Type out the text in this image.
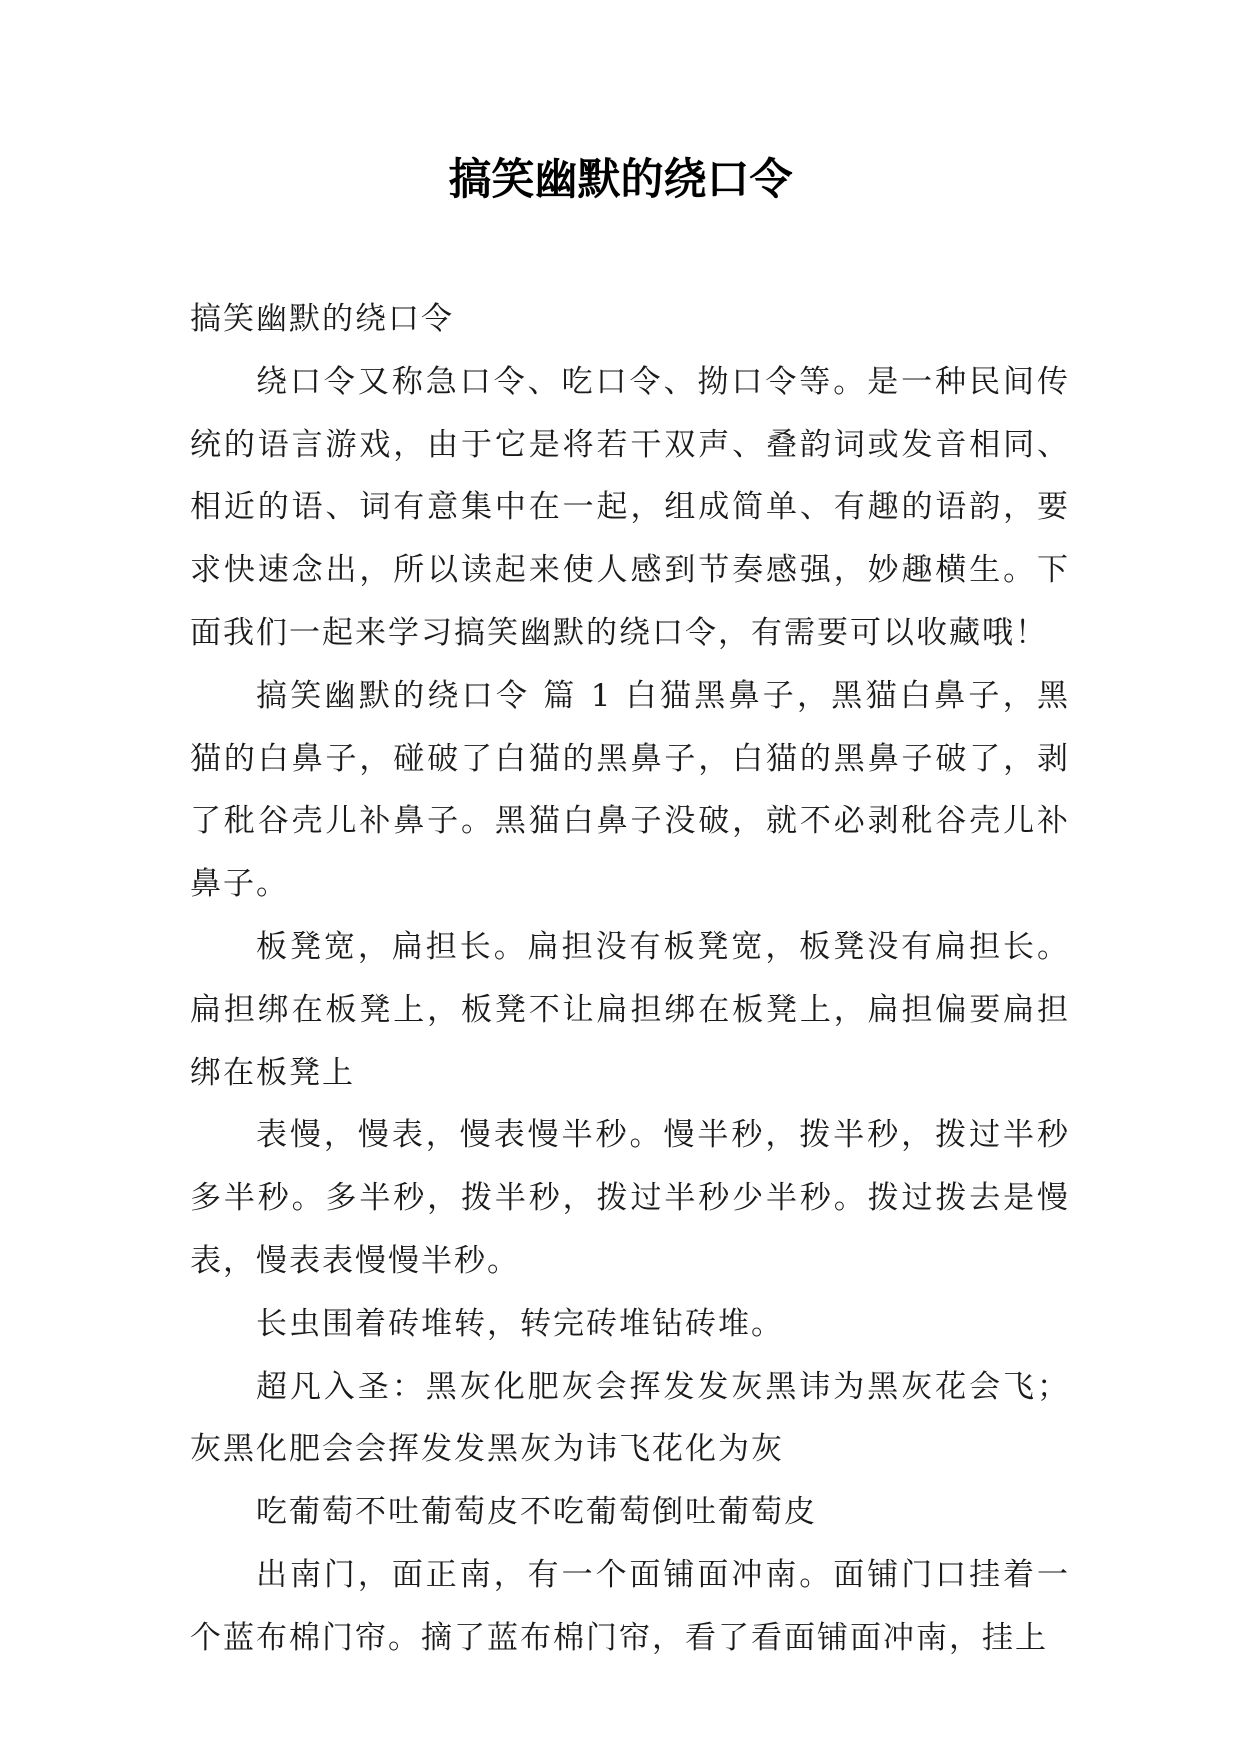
搞笑幽默的绕口令

搞笑幽默的绕口令

绕口令又称急口令、吃口令、拗口令等。是一种民间传统的语言游戏，由于它是将若干双声、叠韵词或发音相同、相近的语、词有意集中在一起，组成简单、有趣的语韵，要求快速念出，所以读起来使人感到节奏感强，妙趣横生。下面我们一起来学习搞笑幽默的绕口令，有需要可以收藏哦！

搞笑幽默的绕口令 篇 1 白猫黑鼻子，黑猫白鼻子，黑猫的白鼻子，碰破了白猫的黑鼻子，白猫的黑鼻子破了，剥了秕谷壳儿补鼻子。黑猫白鼻子没破，就不必剥秕谷壳儿补鼻子。

板凳宽，扁担长。扁担没有板凳宽，板凳没有扁担长。扁担绑在板凳上，板凳不让扁担绑在板凳上，扁担偏要扁担绑在板凳上

表慢，慢表，慢表慢半秒。慢半秒，拨半秒，拨过半秒多半秒。多半秒，拨半秒，拨过半秒少半秒。拨过拨去是慢表，慢表表慢慢半秒。

长虫围着砖堆转，转完砖堆钻砖堆。

超凡入圣：黑灰化肥灰会挥发发灰黑讳为黑灰花会飞；灰黑化肥会会挥发发黑灰为讳飞花化为灰

吃葡萄不吐葡萄皮不吃葡萄倒吐葡萄皮

出南门，面正南，有一个面铺面冲南。面铺门口挂着一个蓝布棉门帘。摘了蓝布棉门帘，看了看面铺面冲南，挂上
